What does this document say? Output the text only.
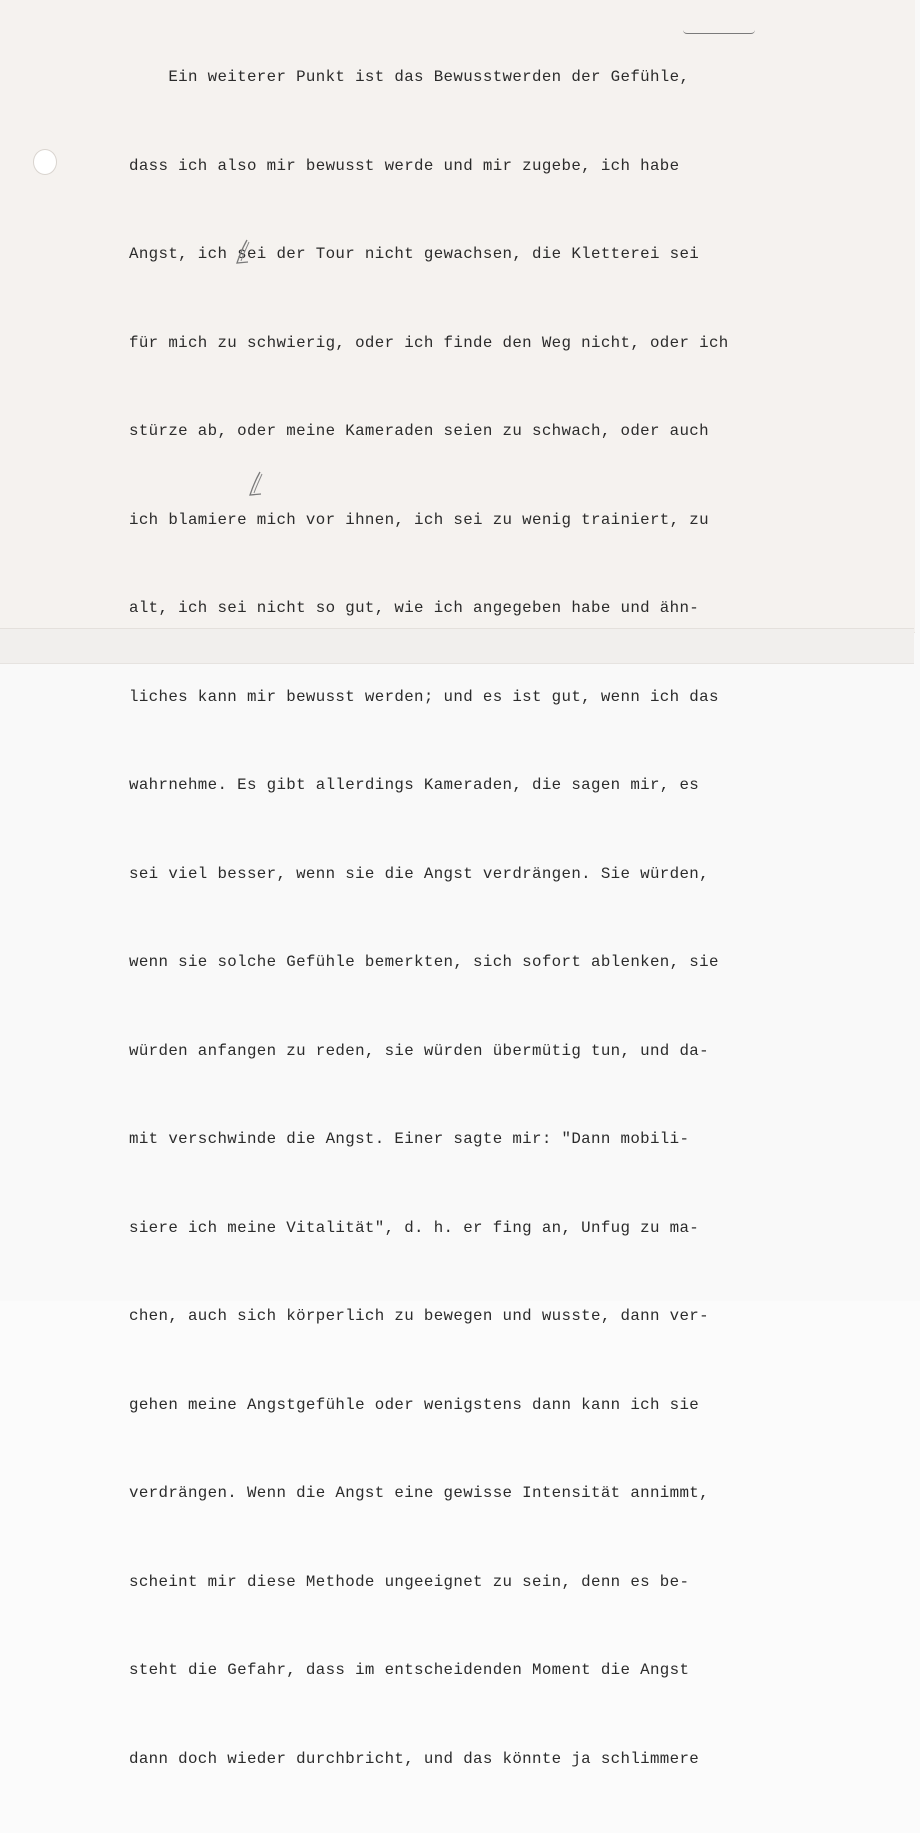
Ein weiterer Punkt ist das Bewusstwerden der Gefühle,

dass ich also mir bewusst werde und mir zugebe, ich habe

Angst, ich sei der Tour nicht gewachsen, die Kletterei sei

für mich zu schwierig, oder ich finde den Weg nicht, oder ich

stürze ab, oder meine Kameraden seien zu schwach, oder auch

ich blamiere mich vor ihnen, ich sei zu wenig trainiert, zu

alt, ich sei nicht so gut, wie ich angegeben habe und ähn-

liches kann mir bewusst werden; und es ist gut, wenn ich das

wahrnehme. Es gibt allerdings Kameraden, die sagen mir, es

sei viel besser, wenn sie die Angst verdrängen. Sie würden,

wenn sie solche Gefühle bemerkten, sich sofort ablenken, sie

würden anfangen zu reden, sie würden übermütig tun, und da-

mit verschwinde die Angst. Einer sagte mir: "Dann mobili-

siere ich meine Vitalität", d. h. er fing an, Unfug zu ma-

chen, auch sich körperlich zu bewegen und wusste, dann ver-

gehen meine Angstgefühle oder wenigstens dann kann ich sie

verdrängen. Wenn die Angst eine gewisse Intensität annimmt,

scheint mir diese Methode ungeeignet zu sein, denn es be-

steht die Gefahr, dass im entscheidenden Moment die Angst

dann doch wieder durchbricht, und das könnte ja schlimmere
